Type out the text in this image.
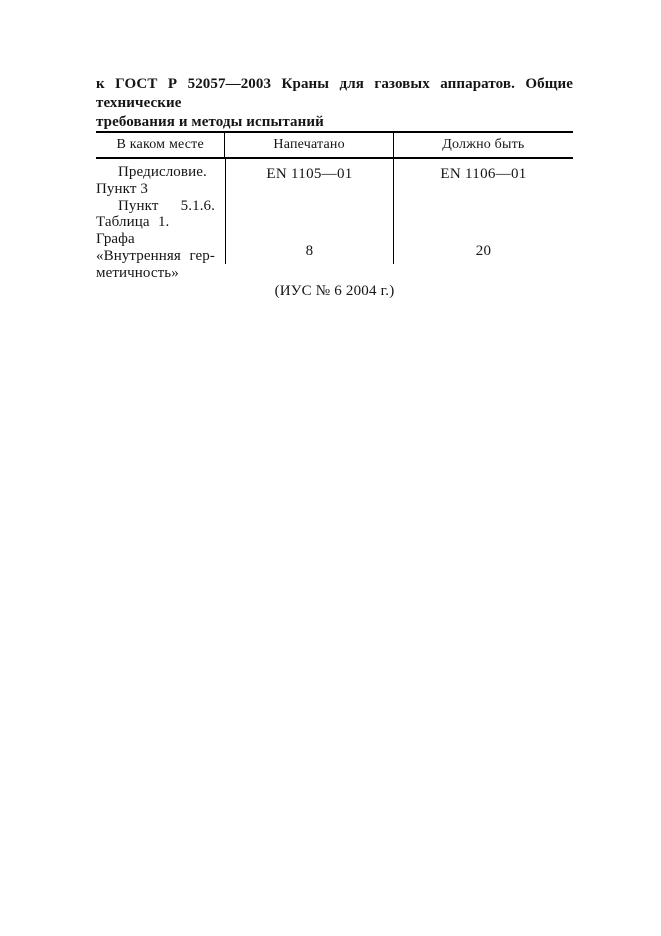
к ГОСТ Р 52057—2003 Краны для газовых аппаратов. Общие технические
требования и методы испытаний
В каком месте	Напечатано	Должно быть
Предисловие.
Пункт 3
Пункт 5.1.6.
Таблица 1. Графа
«Внутренняя гер-
метичность»
EN 1105—01
8
EN 1106—01
20
(ИУС № 6 2004 г.)
